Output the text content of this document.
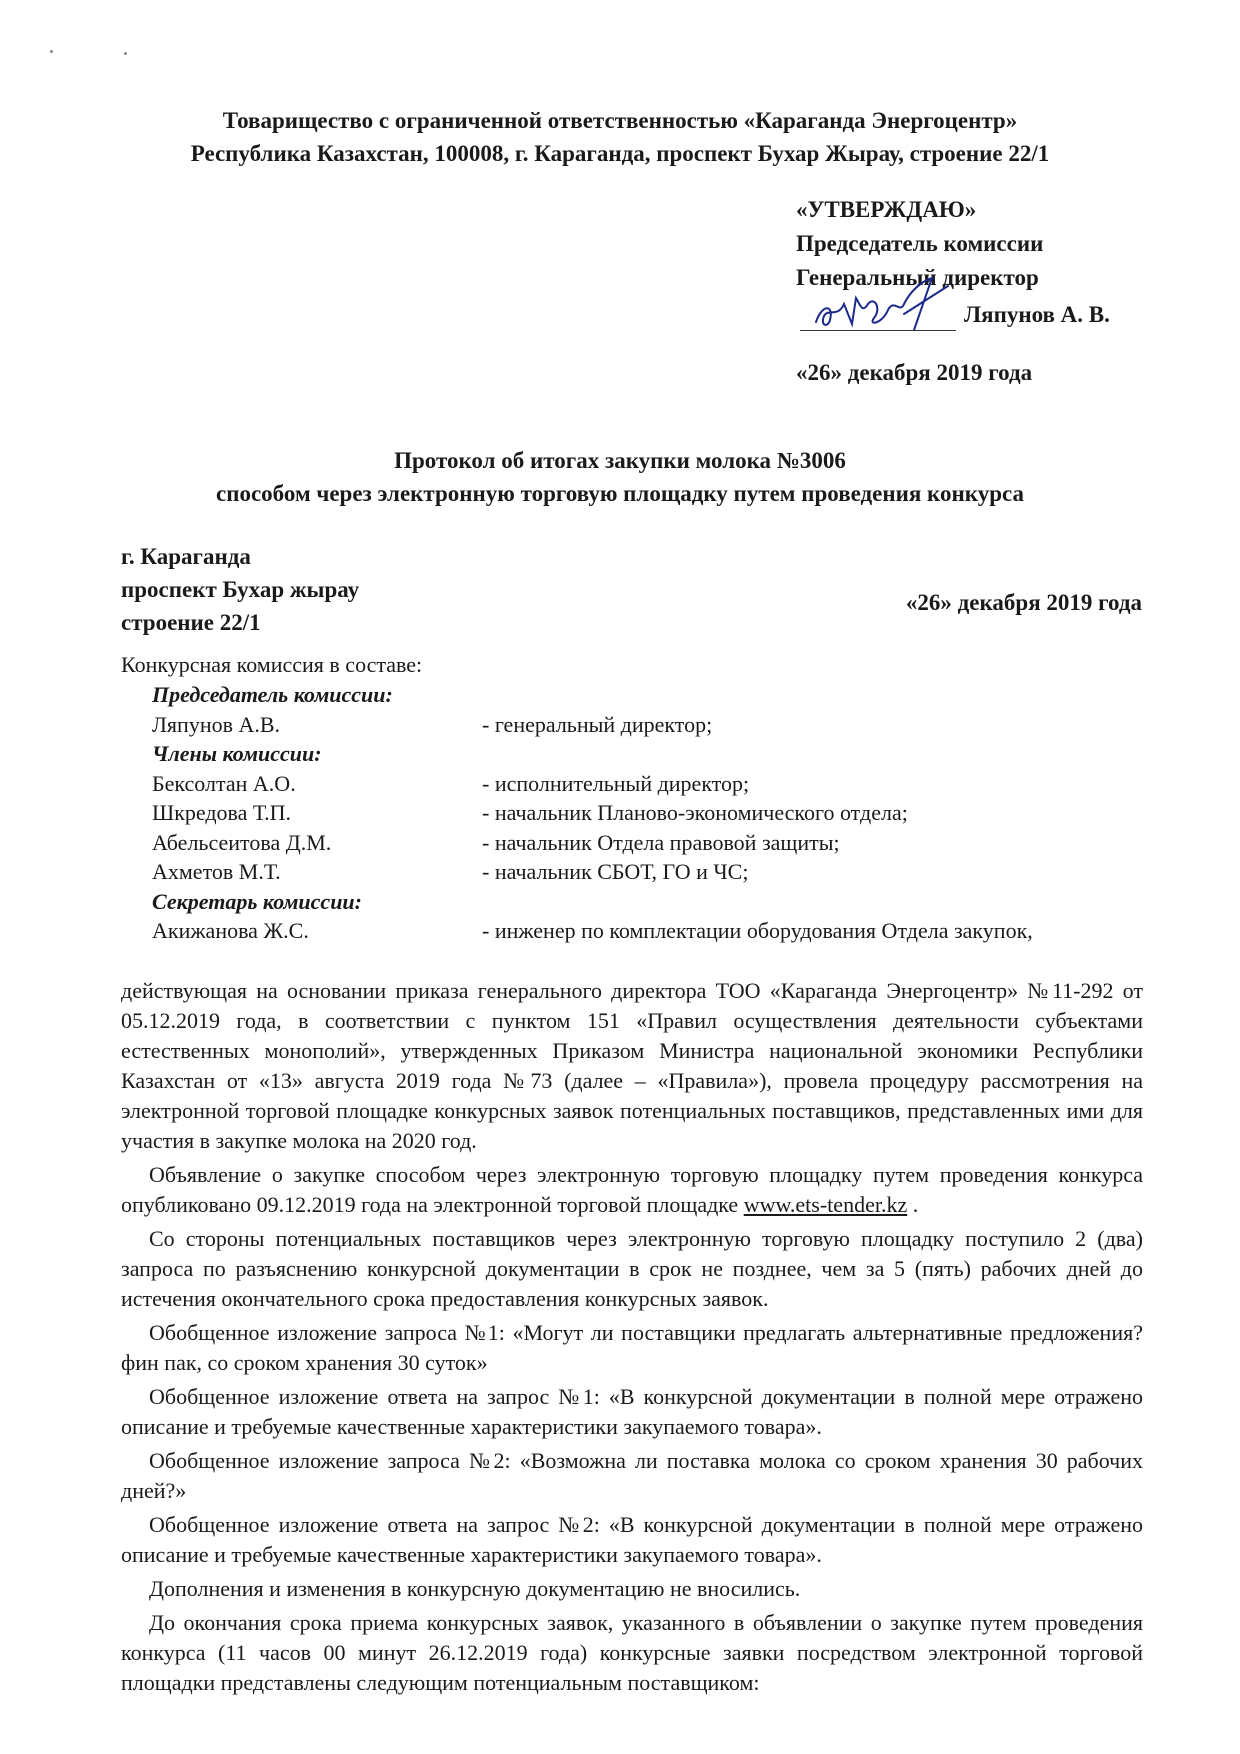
Товарищество с ограниченной ответственностью «Караганда Энергоцентр»
Республика Казахстан, 100008, г. Караганда, проспект Бухар Жырау, строение 22/1
«УТВЕРЖДАЮ»
Председатель комиссии
Генеральный директор
Ляпунов А. В.
«26» декабря 2019 года
Протокол об итогах закупки молока №3006
способом через электронную торговую площадку путем проведения конкурса
г. Караганда
проспект Бухар жырау
строение 22/1
«26» декабря 2019 года
Конкурсная комиссия в составе:
Председатель комиссии:
Ляпунов А.В.	- генеральный директор;
Члены комиссии:
Бексолтан А.О.	- исполнительный директор;
Шкредова Т.П.	- начальник Планово-экономического отдела;
Абельсеитова Д.М.	- начальник Отдела правовой защиты;
Ахметов М.Т.	- начальник СБОТ, ГО и ЧС;
Секретарь комиссии:
Акижанова Ж.С.	- инженер по комплектации оборудования Отдела закупок,

действующая на основании приказа генерального директора ТОО «Караганда Энергоцентр» №11-292 от 05.12.2019 года, в соответствии с пунктом 151 «Правил осуществления деятельности субъектами естественных монополий», утвержденных Приказом Министра национальной экономики Республики Казахстан от «13» августа 2019 года №73 (далее – «Правила»), провела процедуру рассмотрения на электронной торговой площадке конкурсных заявок потенциальных поставщиков, представленных ими для участия в закупке молока на 2020 год.

Объявление о закупке способом через электронную торговую площадку путем проведения конкурса опубликовано 09.12.2019 года на электронной торговой площадке www.ets-tender.kz .

Со стороны потенциальных поставщиков через электронную торговую площадку поступило 2 (два) запроса по разъяснению конкурсной документации в срок не позднее, чем за 5 (пять) рабочих дней до истечения окончательного срока предоставления конкурсных заявок.

Обобщенное изложение запроса №1: «Могут ли поставщики предлагать альтернативные предложения? фин пак, со сроком хранения 30 суток»

Обобщенное изложение ответа на запрос №1: «В конкурсной документации в полной мере отражено описание и требуемые качественные характеристики закупаемого товара».

Обобщенное изложение запроса №2: «Возможна ли поставка молока со сроком хранения 30 рабочих дней?»

Обобщенное изложение ответа на запрос №2: «В конкурсной документации в полной мере отражено описание и требуемые качественные характеристики закупаемого товара».

Дополнения и изменения в конкурсную документацию не вносились.

До окончания срока приема конкурсных заявок, указанного в объявлении о закупке путем проведения конкурса (11 часов 00 минут 26.12.2019 года) конкурсные заявки посредством электронной торговой площадки представлены следующим потенциальным поставщиком:
